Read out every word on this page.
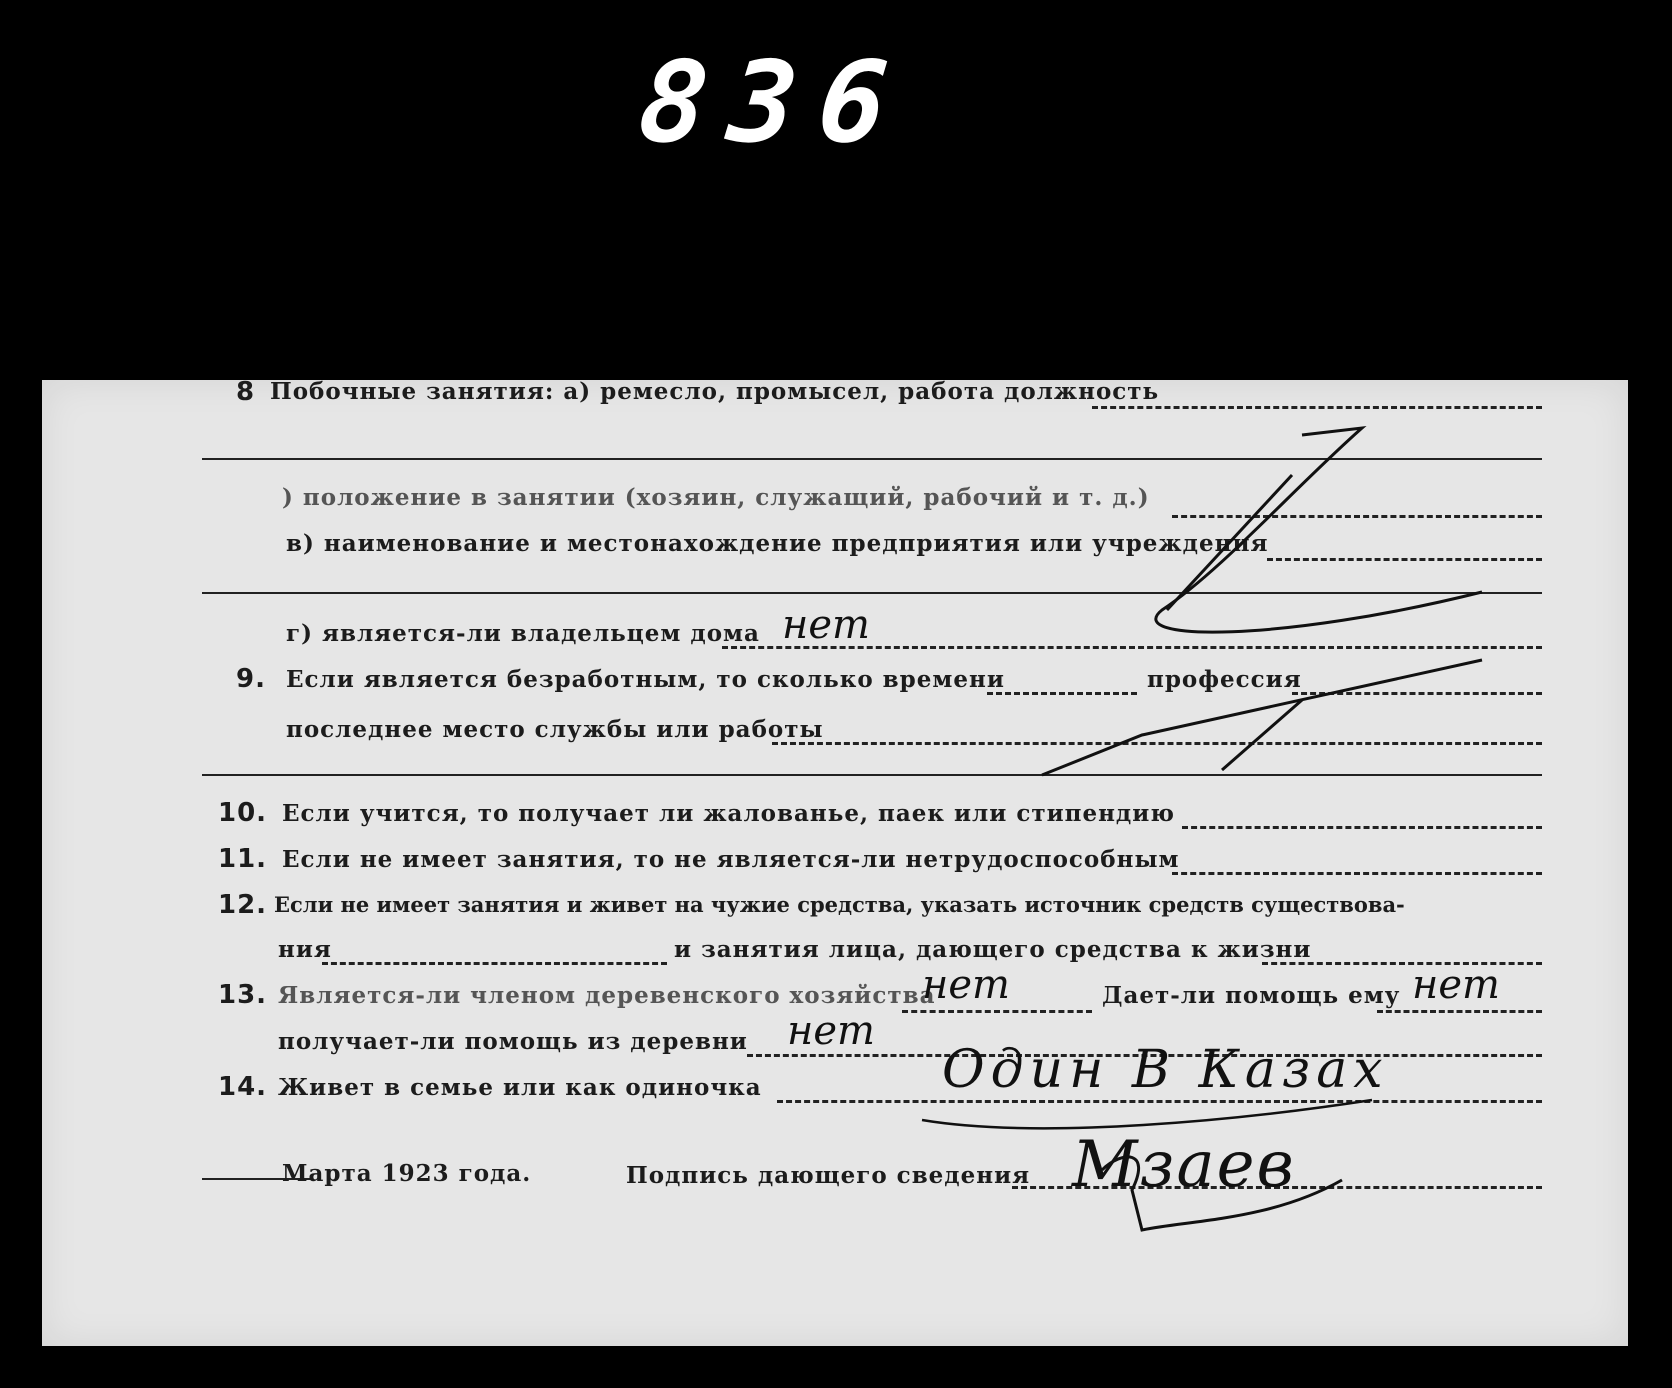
836
8 Побочные занятия: а) ремесло, промысел, работа должность
) положение в занятии (хозяин, служащий, рабочий и т. д.)
в) наименование и местонахождение предприятия или учреждения
г) является-ли владельцем дома нет
9. Если является безработным, то сколько времени	профессия
последнее место службы или работы
10. Если учится, то получает ли жалованье, паек или стипендию
11. Если не имеет занятия, то не является-ли нетрудоспособным
12. Если не имеет занятия и живет на чужие средства, указать источник средств существова-
ния	и занятия лица, дающего средства к жизни
13. Является-ли членом деревенского хозяйства
нет	Дает-ли помощь ему нет
получает-ли помощь из деревни нет
14. Живет в семье или как одиночка	Один В Казах
Марта 1923 года.	Подпись дающего сведения Мзаев
